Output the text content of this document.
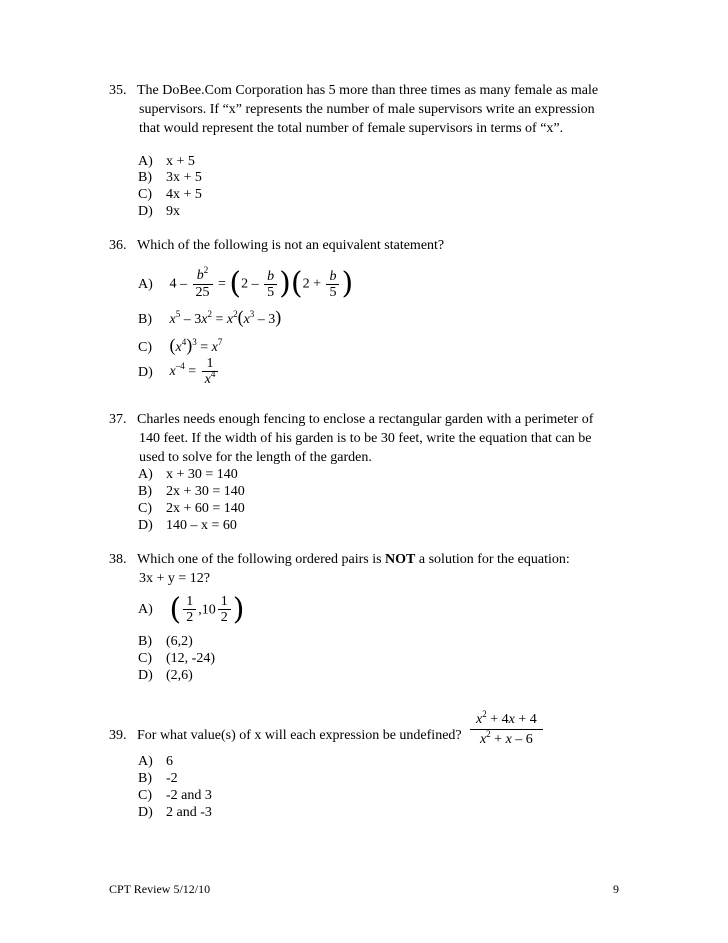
35. The DoBee.Com Corporation has 5 more than three times as many female as male
supervisors. If “x” represents the number of male supervisors write an expression
that would represent the total number of female supervisors in terms of “x”.
A) x + 5
B) 3x + 5
C) 4x + 5
D) 9x
36. Which of the following is not an equivalent statement?
A) $4 - \frac{b^2}{25} = (2 - \frac{b}{5} )(2 + \frac{b}{5}$ )
B) $x^5 - 3x^2 = x^2(x^3 - 3)$
C) $(x^4)^3 = x^7$
D) $x^{-4} = \frac{1}{x^4}$
37. Charles needs enough fencing to enclose a rectangular garden with a perimeter of
140 feet. If the width of his garden is to be 30 feet, write the equation that can be
used to solve for the length of the garden.
A) x + 30 = 140
B) 2x + 30 = 140
C) 2x + 60 = 140
D) 140 – x = 60
38. Which one of the following ordered pairs is NOT a solution for the equation:
3x + y = 12?
A) ( $\frac{1}{2} ,10 \frac{1}{2}$ )
B) (6,2)
C) (12, -24)
D) (2,6)
39. For what value(s) of x will each expression be undefined? $\frac{x^2 + 4x + 4}{x^2 + x - 6}$
A) 6
B) -2
C) -2 and 3
D) 2 and -3
CPT Review 5/12/10	9
